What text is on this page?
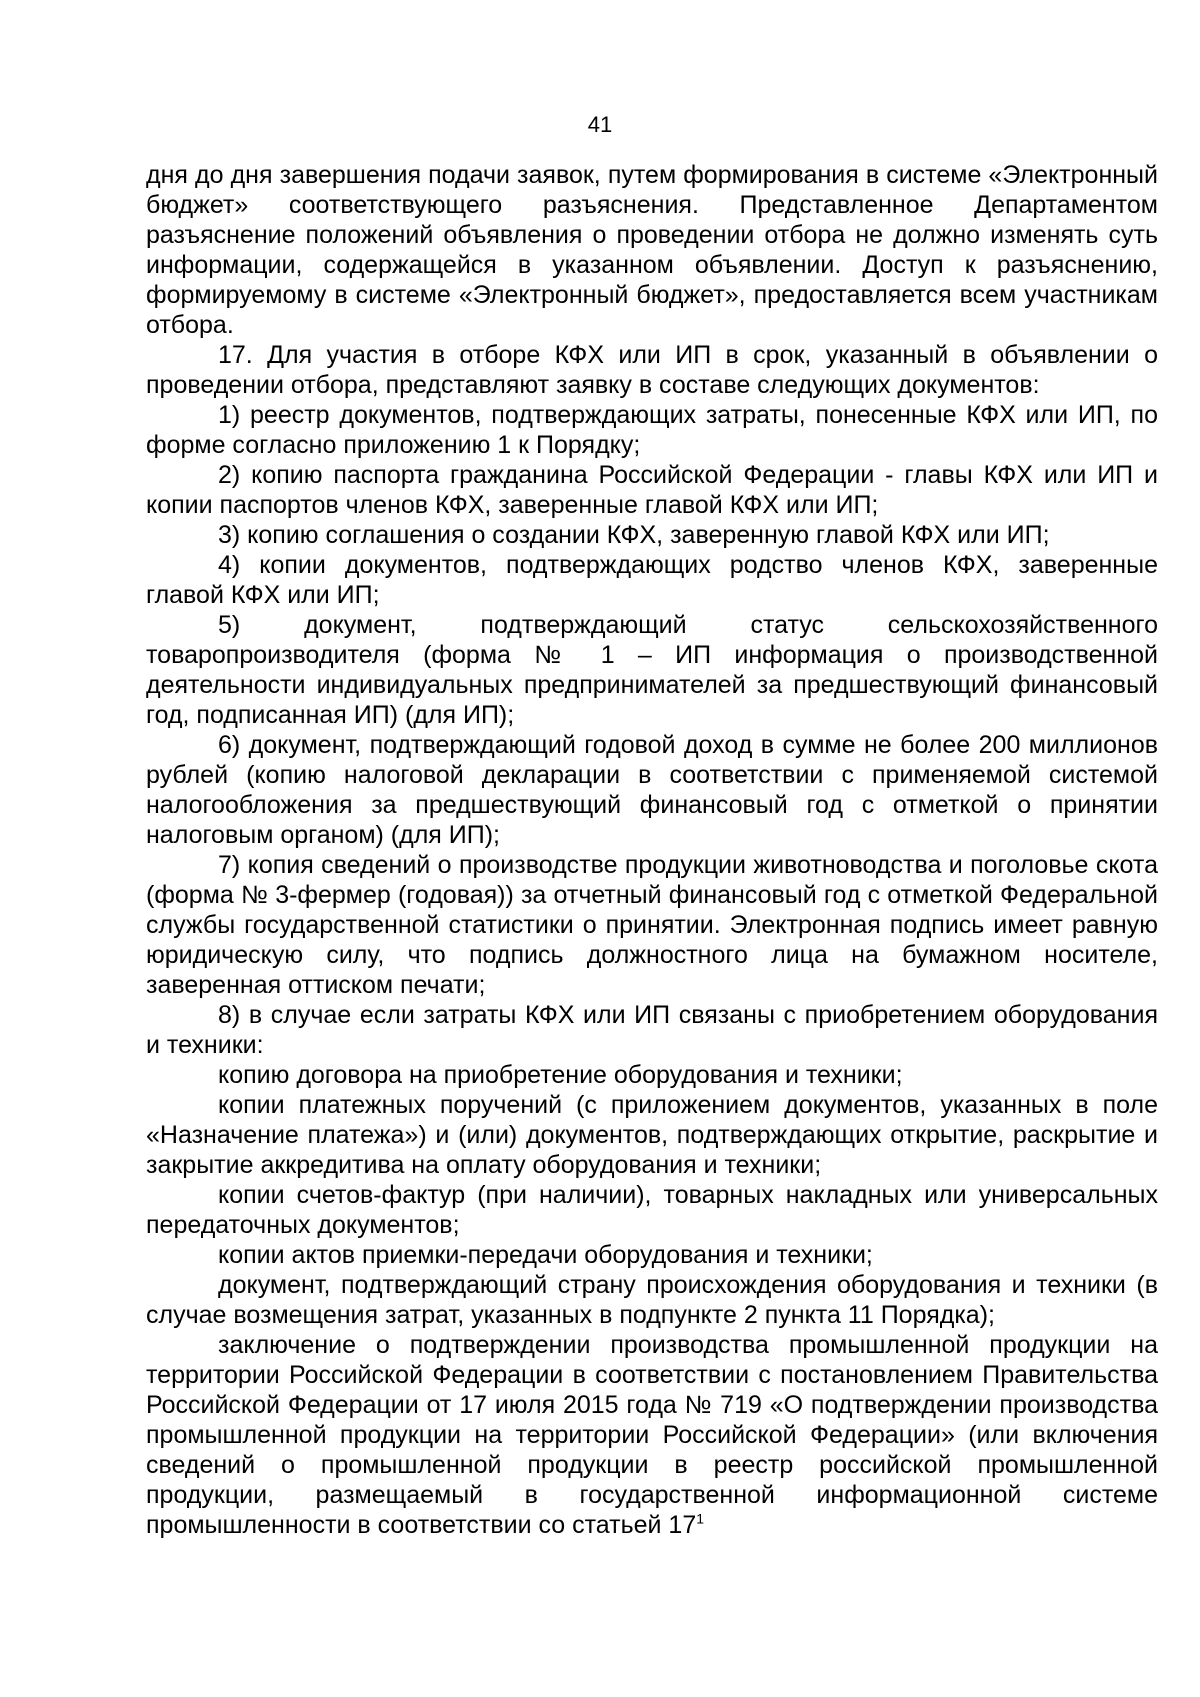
41

дня до дня завершения подачи заявок, путем формирования в системе «Электронный бюджет» соответствующего разъяснения. Представленное Департаментом разъяснение положений объявления о проведении отбора не должно изменять суть информации, содержащейся в указанном объявлении. Доступ к разъяснению, формируемому в системе «Электронный бюджет», предоставляется всем участникам отбора.

17. Для участия в отборе КФХ или ИП в срок, указанный в объявлении о проведении отбора, представляют заявку в составе следующих документов:

1) реестр документов, подтверждающих затраты, понесенные КФХ или ИП, по форме согласно приложению 1 к Порядку;

2) копию паспорта гражданина Российской Федерации - главы КФХ или ИП и копии паспортов членов КФХ, заверенные главой КФХ или ИП;

3) копию соглашения о создании КФХ, заверенную главой КФХ или ИП;

4) копии документов, подтверждающих родство членов КФХ, заверенные главой КФХ или ИП;

5) документ, подтверждающий статус сельскохозяйственного товаропроизводителя (форма № 1 – ИП информация о производственной деятельности индивидуальных предпринимателей за предшествующий финансовый год, подписанная ИП) (для ИП);

6) документ, подтверждающий годовой доход в сумме не более 200 миллионов рублей (копию налоговой декларации в соответствии с применяемой системой налогообложения за предшествующий финансовый год с отметкой о принятии налоговым органом) (для ИП);

7) копия сведений о производстве продукции животноводства и поголовье скота (форма № 3-фермер (годовая)) за отчетный финансовый год с отметкой Федеральной службы государственной статистики о принятии. Электронная подпись имеет равную юридическую силу, что подпись должностного лица на бумажном носителе, заверенная оттиском печати;

8) в случае если затраты КФХ или ИП связаны с приобретением оборудования и техники:

копию договора на приобретение оборудования и техники;

копии платежных поручений (с приложением документов, указанных в поле «Назначение платежа») и (или) документов, подтверждающих открытие, раскрытие и закрытие аккредитива на оплату оборудования и техники;

копии счетов-фактур (при наличии), товарных накладных или универсальных передаточных документов;

копии актов приемки-передачи оборудования и техники;

документ, подтверждающий страну происхождения оборудования и техники (в случае возмещения затрат, указанных в подпункте 2 пункта 11 Порядка);

заключение о подтверждении производства промышленной продукции на территории Российской Федерации в соответствии с постановлением Правительства Российской Федерации от 17 июля 2015 года № 719 «О подтверждении производства промышленной продукции на территории Российской Федерации» (или включения сведений о промышленной продукции в реестр российской промышленной продукции, размещаемый в государственной информационной системе промышленности в соответствии со статьей $17^1$
